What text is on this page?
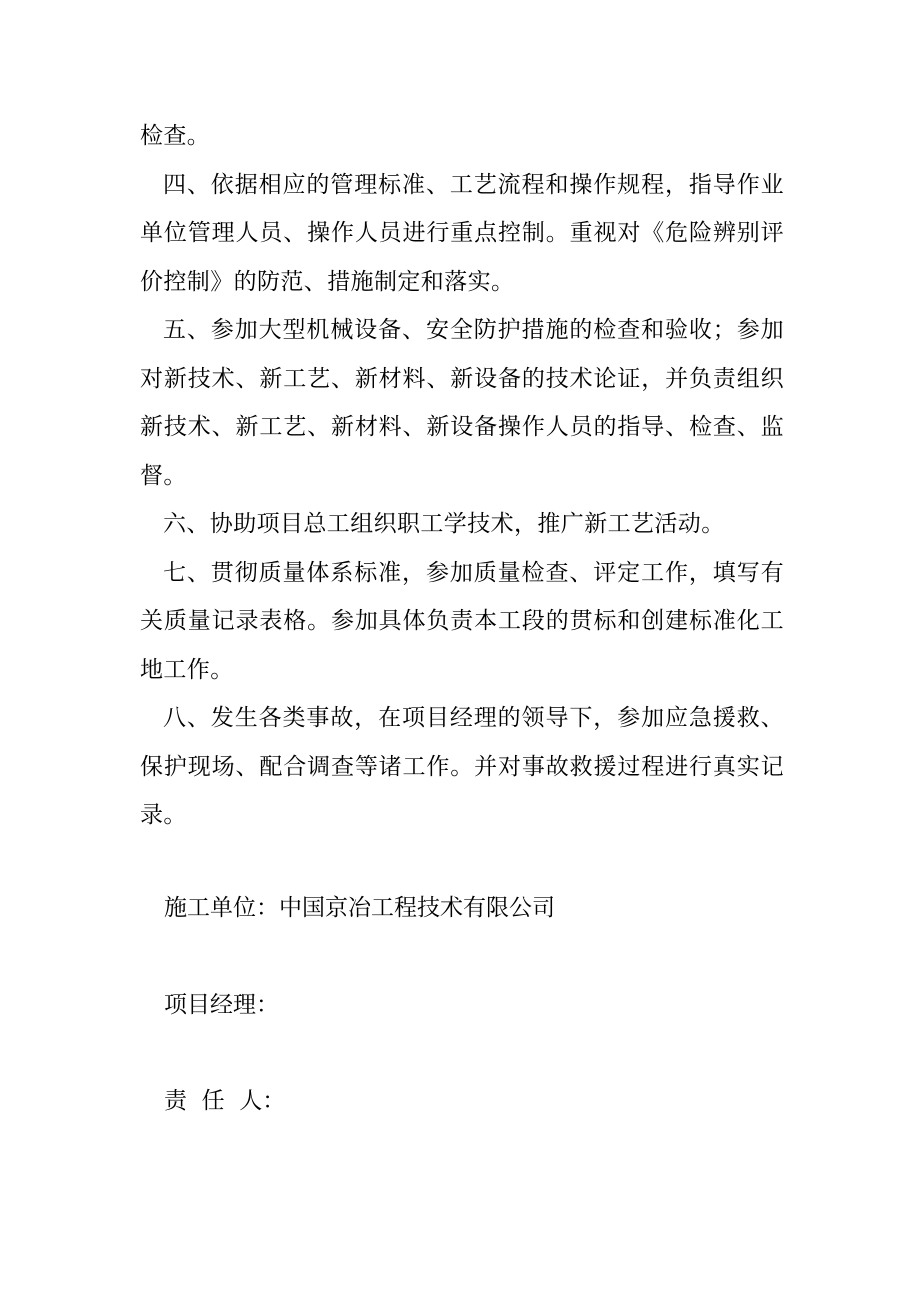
检查。

四、依据相应的管理标准、工艺流程和操作规程，指导作业单位管理人员、操作人员进行重点控制。重视对《危险辨别评价控制》的防范、措施制定和落实。

五、参加大型机械设备、安全防护措施的检查和验收；参加对新技术、新工艺、新材料、新设备的技术论证，并负责组织新技术、新工艺、新材料、新设备操作人员的指导、检查、监督。

六、协助项目总工组织职工学技术，推广新工艺活动。

七、贯彻质量体系标准，参加质量检查、评定工作，填写有关质量记录表格。参加具体负责本工段的贯标和创建标准化工地工作。

八、发生各类事故，在项目经理的领导下，参加应急援救、保护现场、配合调查等诸工作。并对事故救援过程进行真实记录。

施工单位：中国京冶工程技术有限公司
项目经理：
责  任  人：
